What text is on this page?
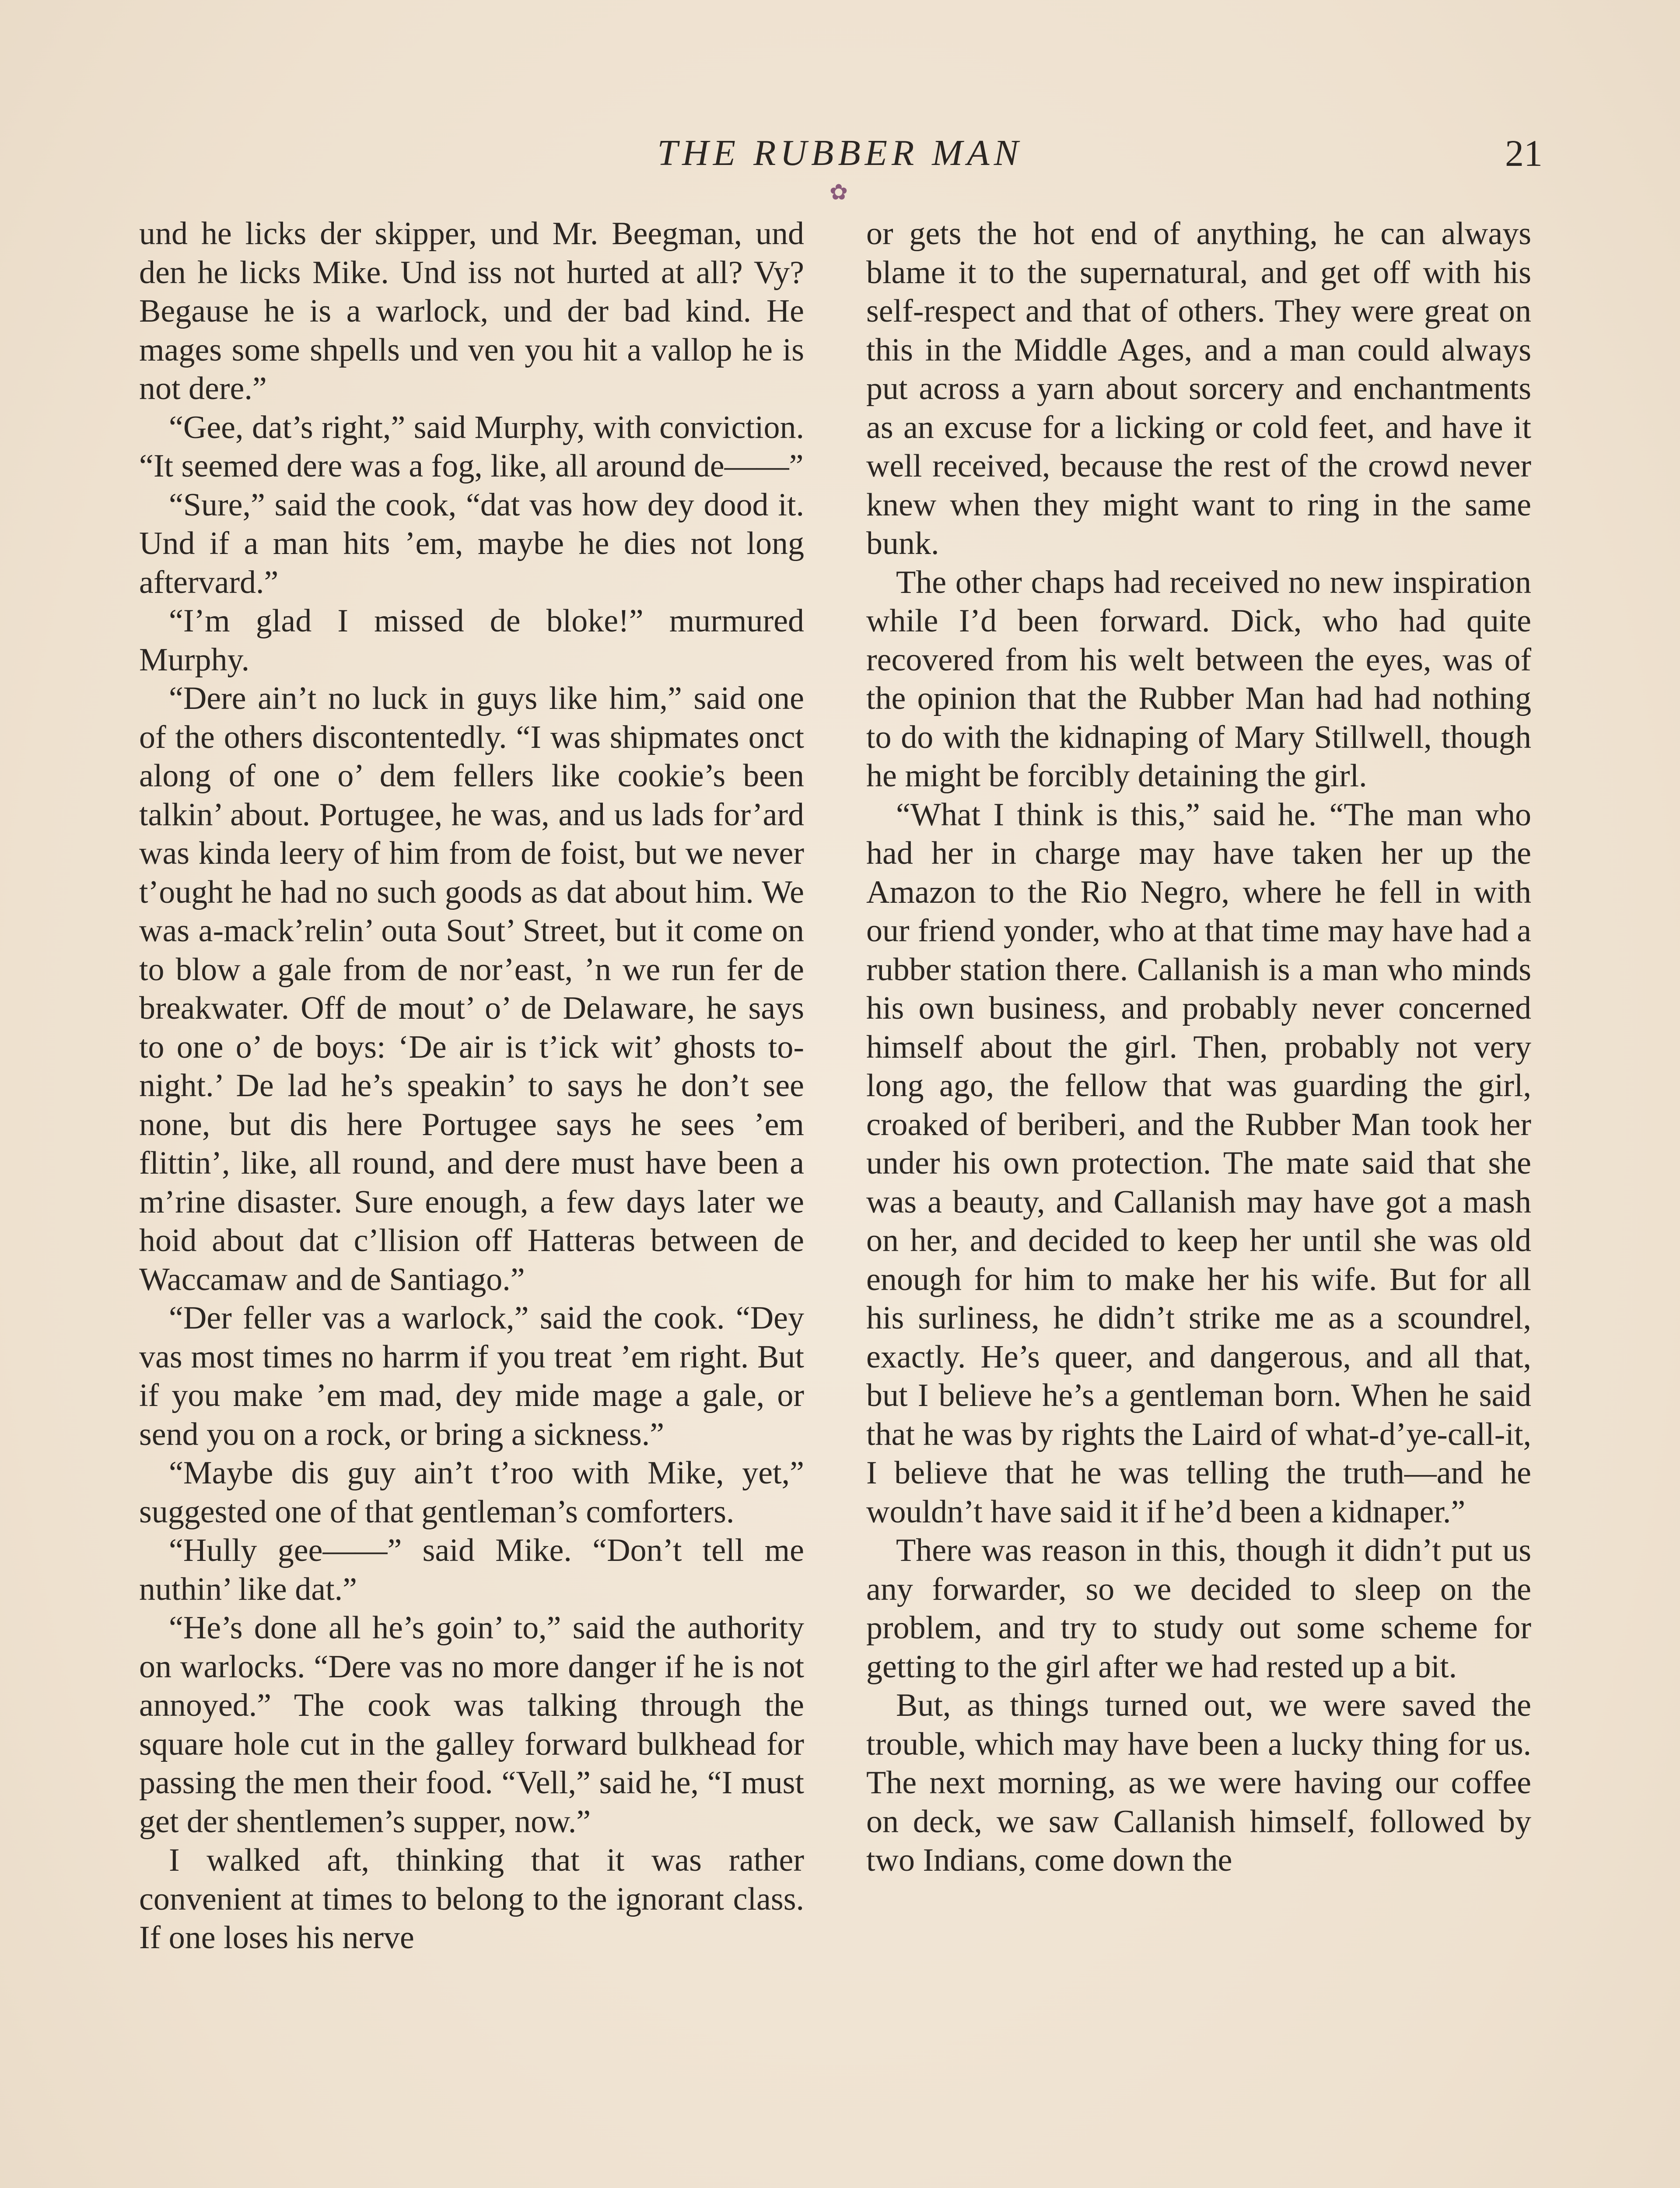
THE RUBBER MAN	21
✿

und he licks der skipper, und Mr. Beegman, und den he licks Mike. Und iss not hurted at all? Vy? Begause he is a warlock, und der bad kind. He mages some shpells und ven you hit a vallop he is not dere.”

“Gee, dat’s right,” said Murphy, with conviction. “It seemed dere was a fog, like, all around de——”

“Sure,” said the cook, “dat vas how dey dood it. Und if a man hits ’em, maybe he dies not long aftervard.”

“I’m glad I missed de bloke!” murmured Murphy.

“Dere ain’t no luck in guys like him,” said one of the others discontentedly. “I was shipmates onct along of one o’ dem fellers like cookie’s been talkin’ about. Portugee, he was, and us lads for’ard was kinda leery of him from de foist, but we never t’ought he had no such goods as dat about him. We was a-mack’relin’ outa Sout’ Street, but it come on to blow a gale from de nor’east, ’n we run fer de breakwater. Off de mout’ o’ de Delaware, he says to one o’ de boys: ‘De air is t’ick wit’ ghosts tonight.’ De lad he’s speakin’ to says he don’t see none, but dis here Portugee says he sees ’em flittin’, like, all round, and dere must have been a m’rine disaster. Sure enough, a few days later we hoid about dat c’llision off Hatteras between de Waccamaw and de Santiago.”

“Der feller vas a warlock,” said the cook. “Dey vas most times no harrm if you treat ’em right. But if you make ’em mad, dey mide mage a gale, or send you on a rock, or bring a sickness.”

“Maybe dis guy ain’t t’roo with Mike, yet,” suggested one of that gentleman’s comforters.

“Hully gee——” said Mike. “Don’t tell me nuthin’ like dat.”

“He’s done all he’s goin’ to,” said the authority on warlocks. “Dere vas no more danger if he is not annoyed.” The cook was talking through the square hole cut in the galley forward bulkhead for passing the men their food. “Vell,” said he, “I must get der shentlemen’s supper, now.”

I walked aft, thinking that it was rather convenient at times to belong to the ignorant class. If one loses his nerve

or gets the hot end of anything, he can always blame it to the supernatural, and get off with his self-respect and that of others. They were great on this in the Middle Ages, and a man could always put across a yarn about sorcery and enchantments as an excuse for a licking or cold feet, and have it well received, because the rest of the crowd never knew when they might want to ring in the same bunk.

The other chaps had received no new inspiration while I’d been forward. Dick, who had quite recovered from his welt between the eyes, was of the opinion that the Rubber Man had had nothing to do with the kidnaping of Mary Stillwell, though he might be forcibly detaining the girl.

“What I think is this,” said he. “The man who had her in charge may have taken her up the Amazon to the Rio Negro, where he fell in with our friend yonder, who at that time may have had a rubber station there. Callanish is a man who minds his own business, and probably never concerned himself about the girl. Then, probably not very long ago, the fellow that was guarding the girl, croaked of beriberi, and the Rubber Man took her under his own protection. The mate said that she was a beauty, and Callanish may have got a mash on her, and decided to keep her until she was old enough for him to make her his wife. But for all his surliness, he didn’t strike me as a scoundrel, exactly. He’s queer, and dangerous, and all that, but I believe he’s a gentleman born. When he said that he was by rights the Laird of what-d’ye-call-it, I believe that he was telling the truth—and he wouldn’t have said it if he’d been a kidnaper.”

There was reason in this, though it didn’t put us any forwarder, so we decided to sleep on the problem, and try to study out some scheme for getting to the girl after we had rested up a bit.

But, as things turned out, we were saved the trouble, which may have been a lucky thing for us. The next morning, as we were having our coffee on deck, we saw Callanish himself, followed by two Indians, come down the
